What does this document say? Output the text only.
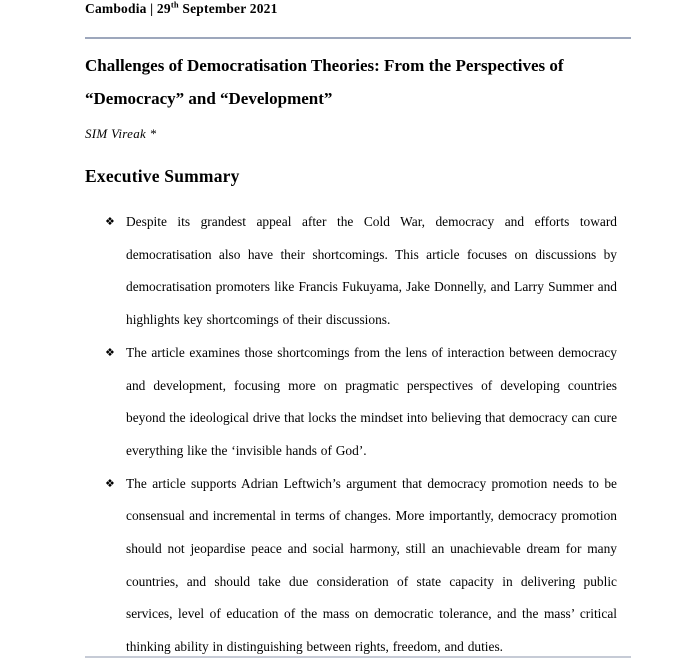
Cambodia | 29th September 2021
Challenges of Democratisation Theories: From the Perspectives of
“Democracy” and “Development”
SIM Vireak *
Executive Summary
❖ Despite its grandest appeal after the Cold War, democracy and efforts toward democratisation also have their shortcomings. This article focuses on discussions by democratisation promoters like Francis Fukuyama, Jake Donnelly, and Larry Summer and highlights key shortcomings of their discussions.
❖ The article examines those shortcomings from the lens of interaction between democracy and development, focusing more on pragmatic perspectives of developing countries beyond the ideological drive that locks the mindset into believing that democracy can cure everything like the ‘invisible hands of God’.
❖ The article supports Adrian Leftwich’s argument that democracy promotion needs to be consensual and incremental in terms of changes. More importantly, democracy promotion should not jeopardise peace and social harmony, still an unachievable dream for many countries, and should take due consideration of state capacity in delivering public services, level of education of the mass on democratic tolerance, and the mass’ critical thinking ability in distinguishing between rights, freedom, and duties.
